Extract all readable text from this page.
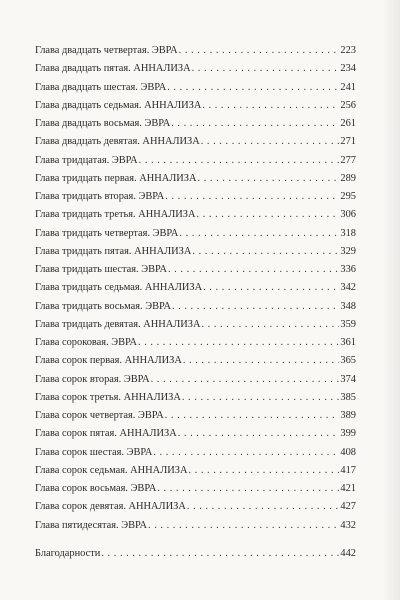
Глава двадцать четвертая. ЭВРА . . .	223
Глава двадцать пятая. АННАЛИЗА . . .	234
Глава двадцать шестая. ЭВРА . . .	241
Глава двадцать седьмая. АННАЛИЗА . . .	256
Глава двадцать восьмая. ЭВРА . . .	261
Глава двадцать девятая. АННАЛИЗА . . .	271
Глава тридцатая. ЭВРА . . .	277
Глава тридцать первая. АННАЛИЗА . . .	289
Глава тридцать вторая. ЭВРА . . .	295
Глава тридцать третья. АННАЛИЗА . . .	306
Глава тридцать четвертая. ЭВРА . . .	318
Глава тридцать пятая. АННАЛИЗА . . .	329
Глава тридцать шестая. ЭВРА . . .	336
Глава тридцать седьмая. АННАЛИЗА . . .	342
Глава тридцать восьмая. ЭВРА . . .	348
Глава тридцать девятая. АННАЛИЗА . . .	359
Глава сороковая. ЭВРА . . .	361
Глава сорок первая. АННАЛИЗА . . .	365
Глава сорок вторая. ЭВРА . . .	374
Глава сорок третья. АННАЛИЗА . . .	385
Глава сорок четвертая. ЭВРА . . .	389
Глава сорок пятая. АННАЛИЗА . . .	399
Глава сорок шестая. ЭВРА . . .	408
Глава сорок седьмая. АННАЛИЗА . . .	417
Глава сорок восьмая. ЭВРА . . .	421
Глава сорок девятая. АННАЛИЗА . . .	427
Глава пятидесятая. ЭВРА . . .	432
Благодарности . . .	442
